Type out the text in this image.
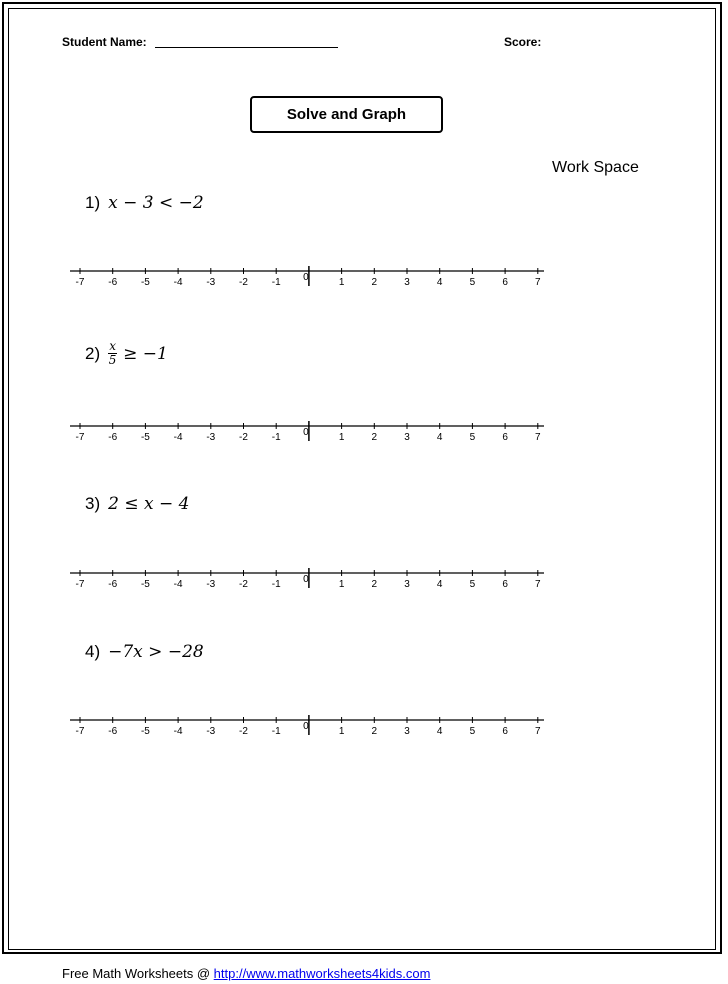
Student Name:	Score:
Solve and Graph
Work Space
1) x − 3 < −2
-7 -6 -5 -4 -3 -2 -1 0	1	2	3	4	5	6	7
$2) \frac{x}{5} \ge -1$
-7 -6 -5 -4 -3 -2 -1 0	1	2	3	4	5	6	7
3) 2 ≤ x − 4
-7 -6 -5 -4 -3 -2 -1 0	1	2	3	4	5	6	7
4) −7x > −28
-7 -6 -5 -4 -3 -2 -1 0	1	2	3	4	5	6	7
Free Math Worksheets @ http://www.mathworksheets4kids.com
